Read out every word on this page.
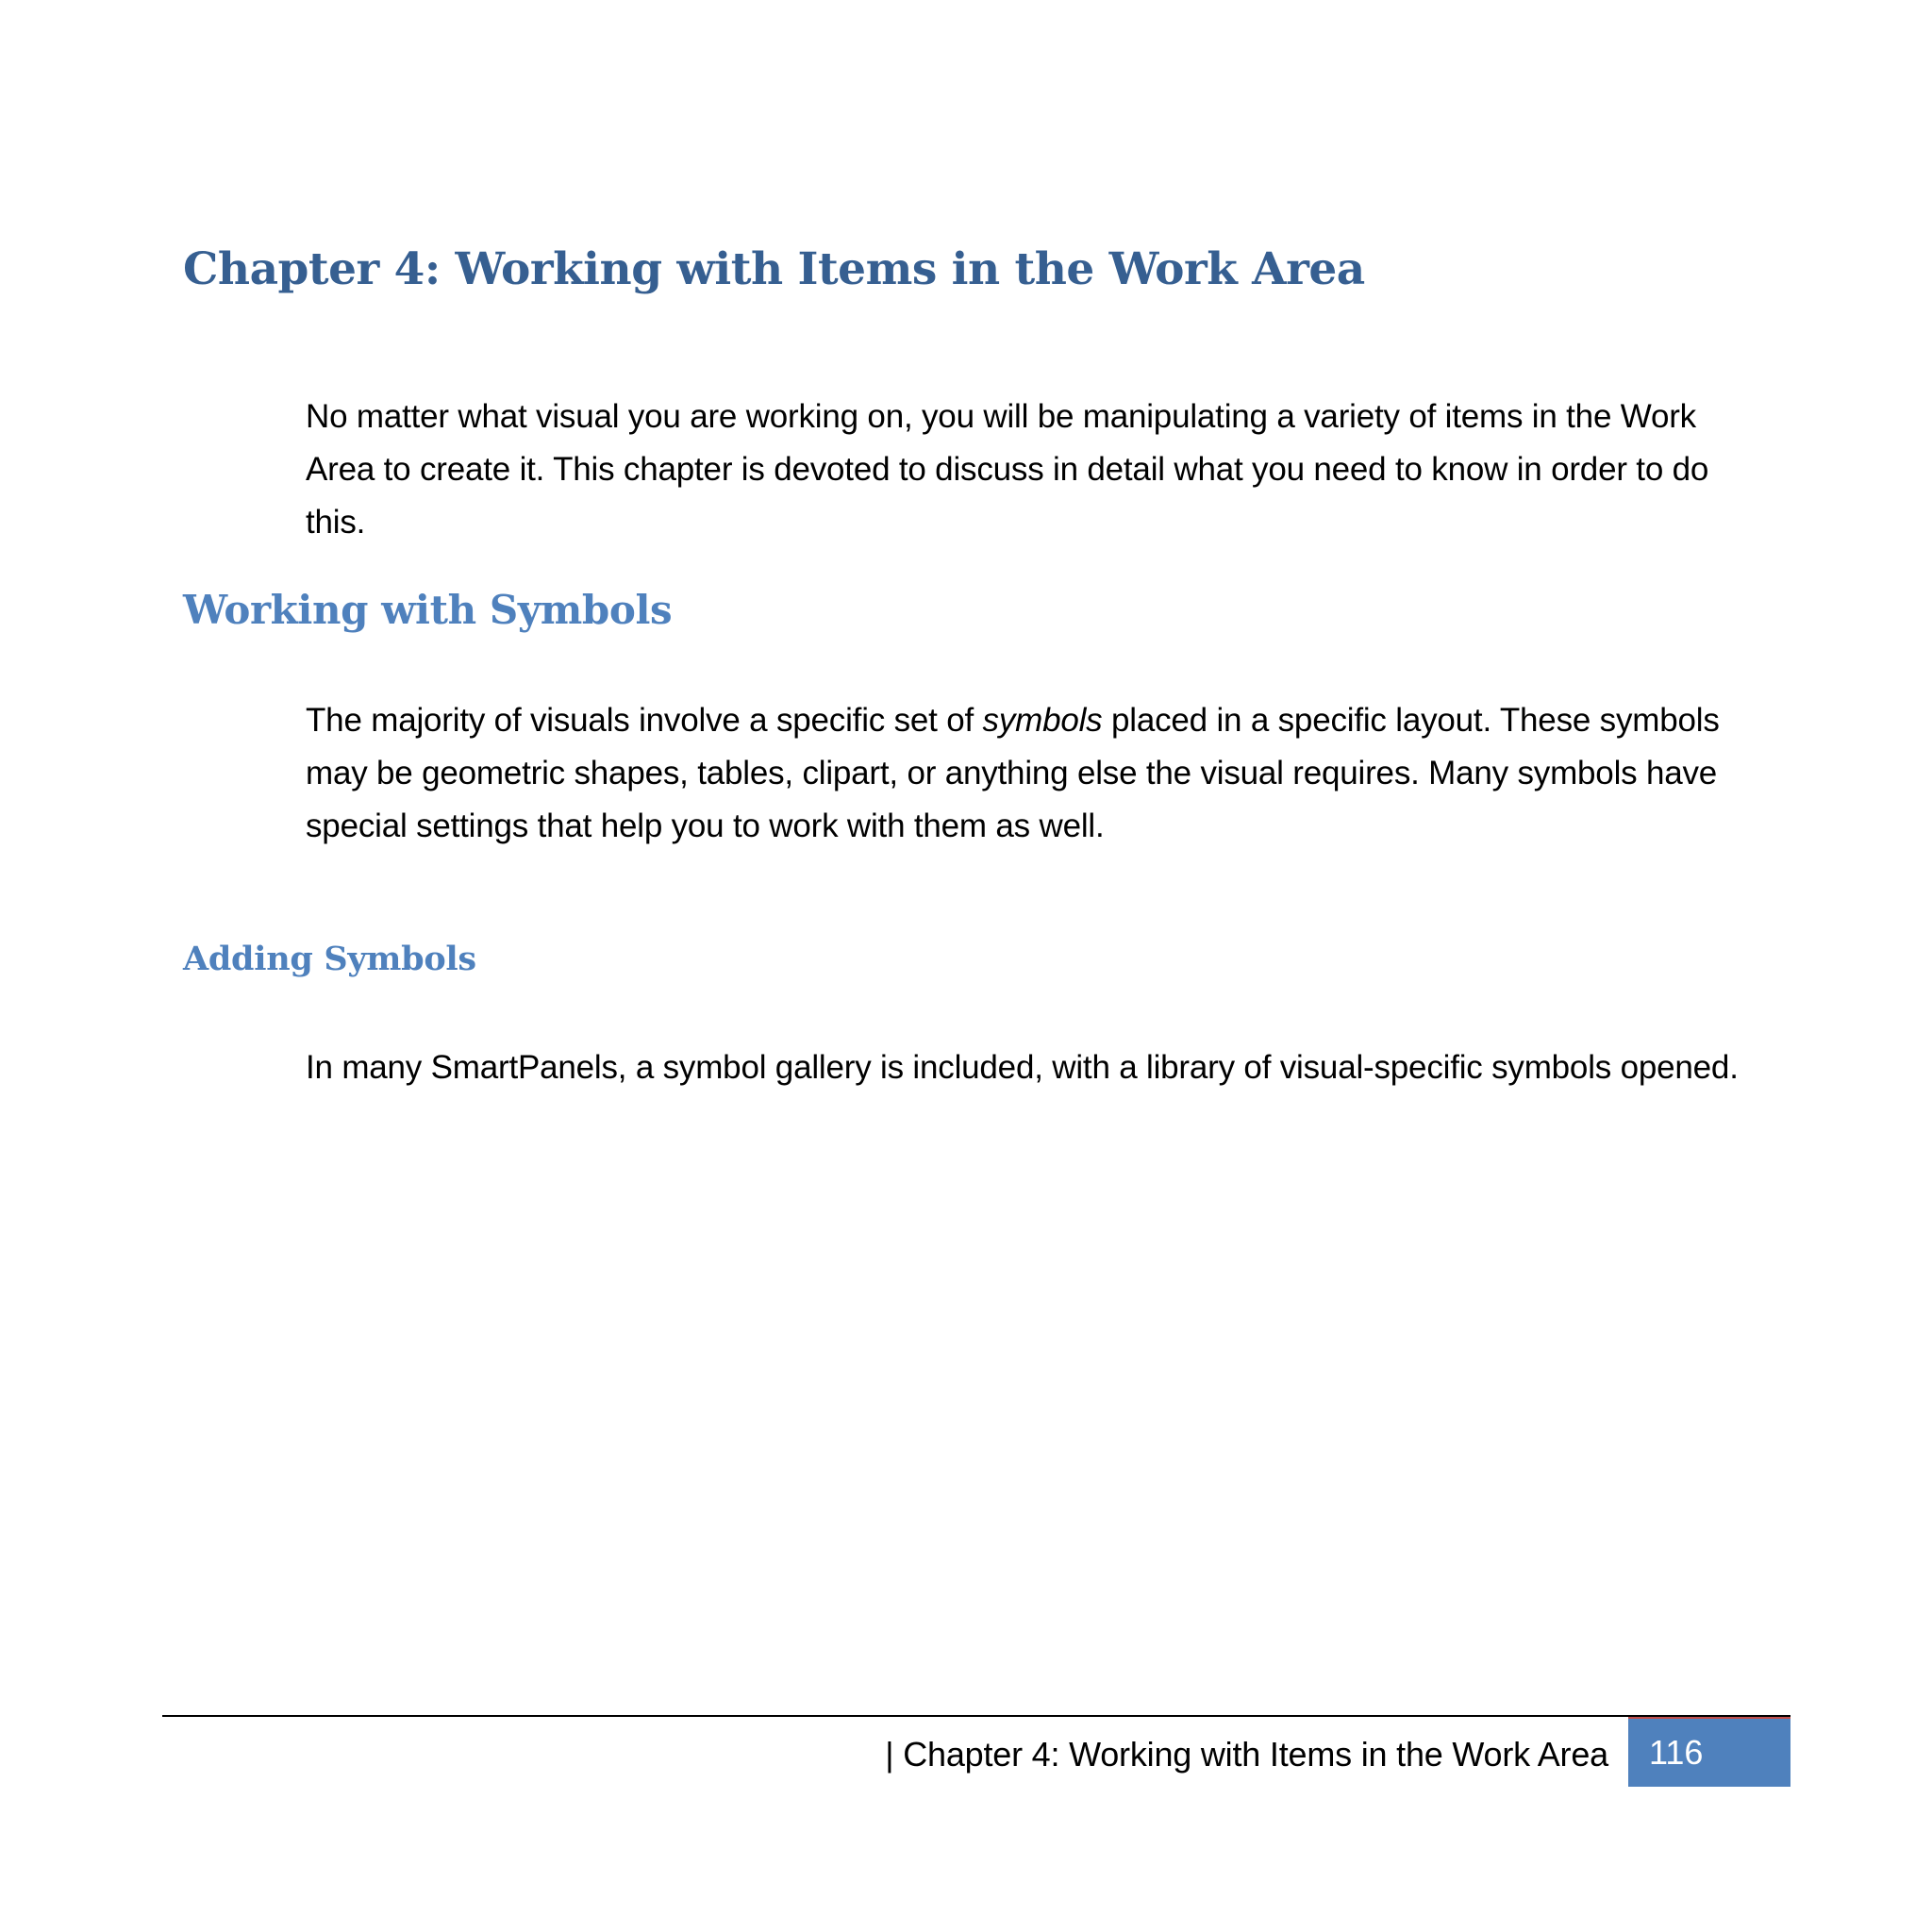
Chapter 4: Working with Items in the Work Area

No matter what visual you are working on, you will be manipulating a variety of items in the Work Area to create it. This chapter is devoted to discuss in detail what you need to know in order to do this.

Working with Symbols

The majority of visuals involve a specific set of symbols placed in a specific layout. These symbols may be geometric shapes, tables, clipart, or anything else the visual requires. Many symbols have special settings that help you to work with them as well.

Adding Symbols

In many SmartPanels, a symbol gallery is included, with a library of visual-specific symbols opened.

| Chapter 4: Working with Items in the Work Area	116
